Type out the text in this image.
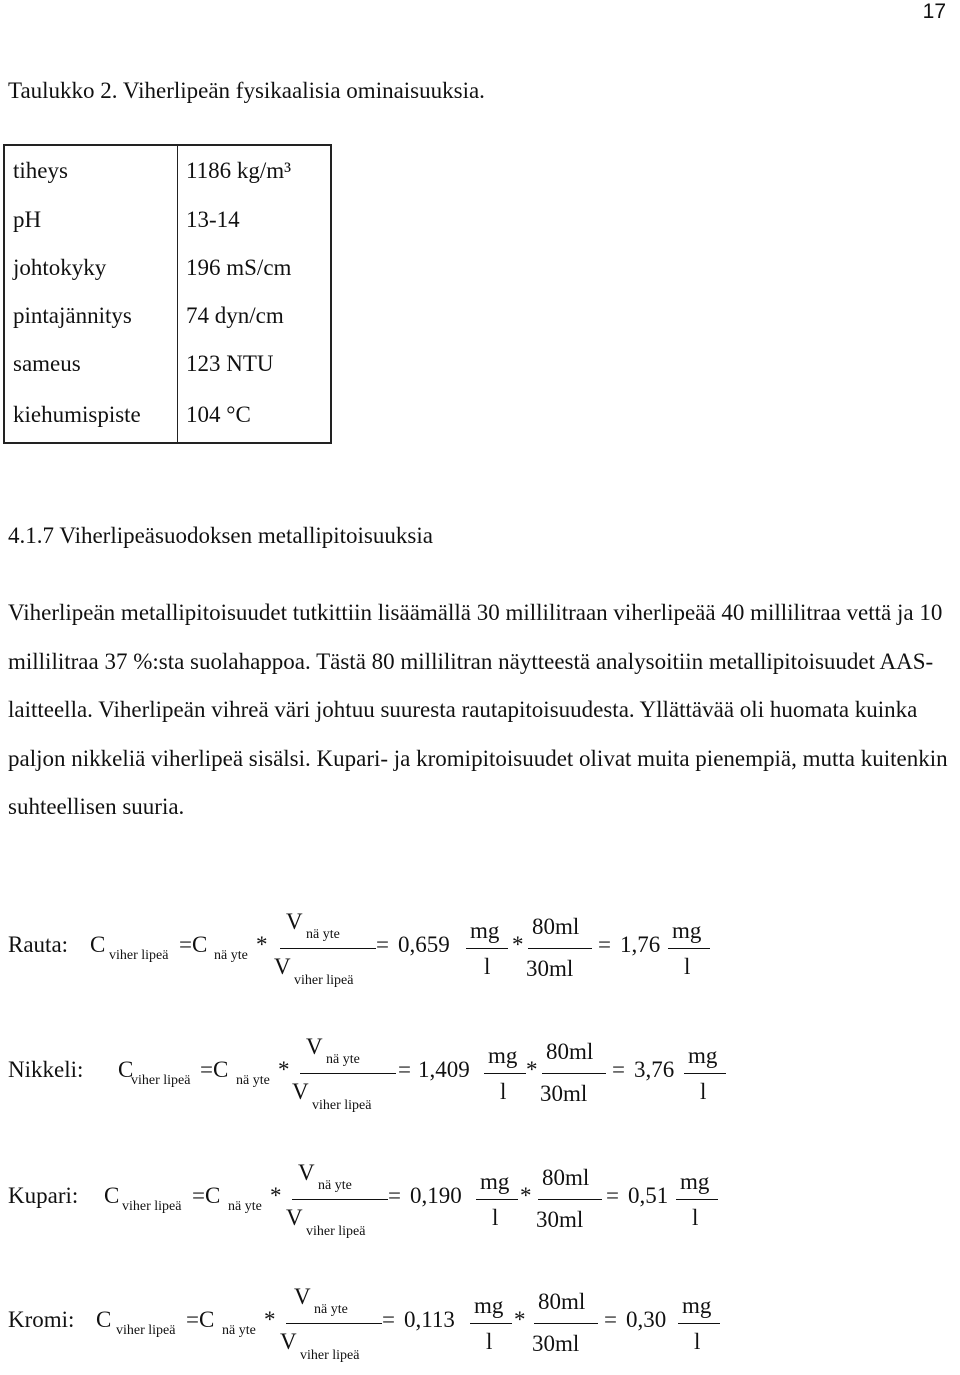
17
Taulukko 2. Viherlipeän fysikaalisia ominaisuuksia.
tiheys	1186 kg/m³
pH	13-14
johtokyky	196 mS/cm
pintajännitys	74 dyn/cm
sameus	123 NTU
kiehumispiste	104 °C
4.1.7 Viherlipeäsuodoksen metallipitoisuuksia
Viherlipeän metallipitoisuudet tutkittiin lisäämällä 30 millilitraan viherlipeää 40 millilitraa vettä ja 10 millilitraa 37 %:sta suolahappoa. Tästä 80 millilitran näytteestä analysoitiin metallipitoisuudet AAS-laitteella. Viherlipeän vihreä väri johtuu suuresta rautapitoisuudesta. Yllättävää oli huomata kuinka paljon nikkeliä viherlipeä sisälsi. Kupari- ja kromipitoisuudet olivat muita pienempiä, mutta kuitenkin suhteellisen suuria.
Rauta: C viher lipeä =C nä yte *
V
nä yte
V
viher lipeä
= 0,659
mg
l
*
80ml
30ml
= 1,76
mg
l
Nikkeli: C
viher lipeä =C nä yte *
V
nä yte
V
viher lipeä
= 1,409
mg
l
*
80ml
30ml
= 3,76
mg
l
Kupari: C viher lipeä =C nä yte *
V
nä yte
V
viher lipeä
= 0,190
mg
l
*
80ml
30ml
= 0,51
mg
l
Kromi: C viher lipeä =C nä yte *
V
nä yte
V
viher lipeä
= 0,113
mg
l
*
80ml
30ml
= 0,30
mg
l
